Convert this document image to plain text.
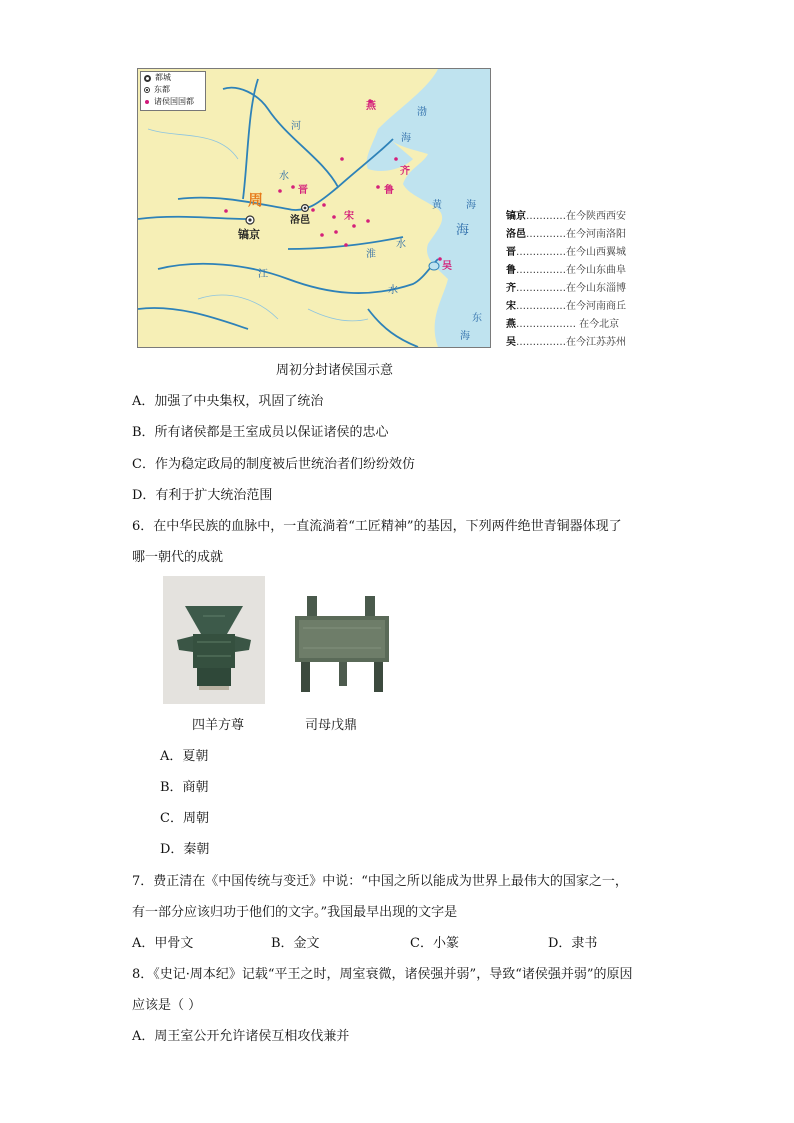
都城
东都
诸侯国国都
周
镐京
洛邑
燕
晋
齐
鲁
宋
吴
河
水
渤
海
黄 海
海
淮
水
江
水
东
海
镐京…………在今陕西西安
洛邑…………在今河南洛阳
晋……………在今山西翼城
鲁……………在今山东曲阜
齐……………在今山东淄博
宋……………在今河南商丘
燕……………… 在今北京
吴……………在今江苏苏州
周初分封诸侯国示意
A．加强了中央集权，巩固了统治
B．所有诸侯都是王室成员以保证诸侯的忠心
C．作为稳定政局的制度被后世统治者们纷纷效仿
D．有利于扩大统治范围
6．在中华民族的血脉中，一直流淌着“工匠精神”的基因，下列两件绝世青铜器体现了
哪一朝代的成就
四羊方尊	司母戊鼎
A．夏朝
B．商朝
C．周朝
D．秦朝
7．费正清在《中国传统与变迁》中说：“中国之所以能成为世界上最伟大的国家之一，
有一部分应该归功于他们的文字。”我国最早出现的文字是
A．甲骨文	B．金文	C．小篆	D．隶书
8．《史记·周本纪》记载“平王之时，周室衰微，诸侯强并弱”，导致“诸侯强并弱”的原因
应该是（ ）
A．周王室公开允许诸侯互相攻伐兼并
